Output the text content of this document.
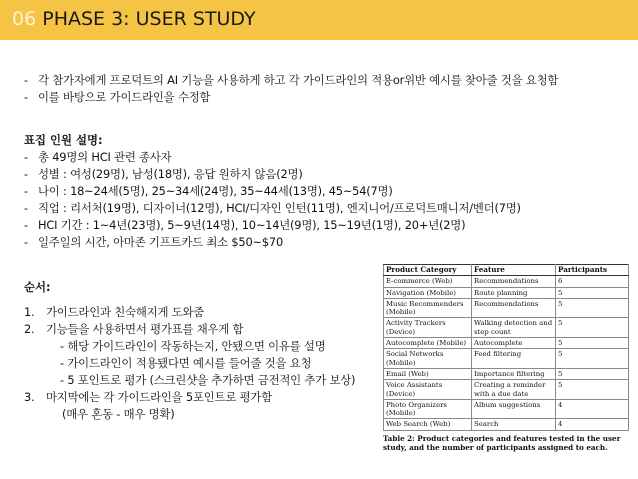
06 PHASE 3: USER STUDY
- 각 참가자에게 프로덕트의 AI 기능을 사용하게 하고 각 가이드라인의 적용or위반 예시를 찾아줄 것을 요청함
- 이를 바탕으로 가이드라인을 수정함
표집 인원 설명:
- 총 49명의 HCI 관련 종사자
- 성별 : 여성(29명), 남성(18명), 응답 원하지 않음(2명)
- 나이 : 18~24세(5명), 25~34세(24명), 35~44세(13명), 45~54(7명)
- 직업 : 리서처(19명), 디자이너(12명), HCI/디자인 인턴(11명), 엔지니어/프로덕트매니저/벤더(7명)
- HCI 기간 : 1~4년(23명), 5~9년(14명), 10~14년(9명), 15~19년(1명), 20+년(2명)
- 일주일의 시간, 아마존 기프트카드 최소 $50~$70
순서:
1. 가이드라인과 친숙해지게 도와줌
2. 기능들을 사용하면서 평가표를 채우게 함
- 해당 가이드라인이 작동하는지, 안됐으면 이유를 설명
- 가이드라인이 적용됐다면 예시를 들어줄 것을 요청
- 5 포인트로 평가 (스크린샷을 추가하면 금전적인 추가 보상)
3. 마지막에는 각 가이드라인을 5포인트로 평가함
(매우 혼동 - 매우 명확)
Product Category	Feature	Participants
E-commerce (Web)	Recommendations	6
Navigation (Mobile)	Route planning	5
Music Recommenders (Mobile)	Recommendations	5
Activity Trackers (Device)	Walking detection and step count	5
Autocomplete (Mobile)	Autocomplete	5
Social Networks (Mobile)	Feed filtering	5
Email (Web)	Importance filtering	5
Voice Assistants (Device)	Creating a reminder with a due date	5
Photo Organizers (Mobile)	Album suggestions	4
Web Search (Web)	Search	4
Table 2: Product categories and features tested in the user study, and the number of participants assigned to each.
